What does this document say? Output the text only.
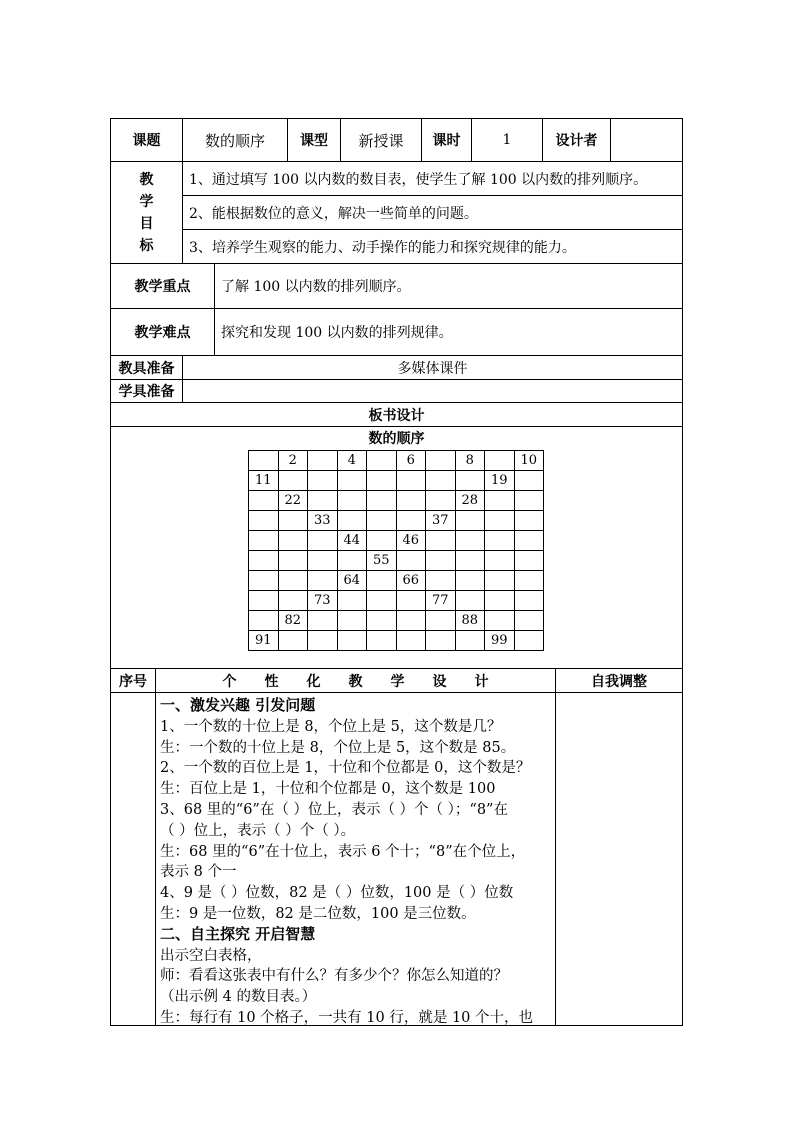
课题	数的顺序	课型	新授课	课时	1	设计者
教
学
目
标
1、通过填写 100 以内数的数目表，使学生了解 100 以内数的排列顺序。
2、能根据数位的意义，解决一些简单的问题。
3、培养学生观察的能力、动手操作的能力和探究规律的能力。
教学重点	了解 100 以内数的排列顺序。
教学难点	探究和发现 100 以内数的排列规律。
教具准备	多媒体课件
学具准备
板书设计
数的顺序
	2		4		6		8		10
11								19	
	22						28		
		33				37			
			44		46				
				55					
			64		66				
		73				77			
	82						88		
91								99	
序号	个　　性　　化　　教　　学　　设　　计	自我调整
一、激发兴趣 引发问题
1、一个数的十位上是 8，个位上是 5，这个数是几？
生：一个数的十位上是 8，个位上是 5，这个数是 85。
2、一个数的百位上是 1，十位和个位都是 0，这个数是？
生：百位上是 1，十位和个位都是 0，这个数是 100
3、68 里的“6”在（ ）位上，表示（ ）个（ ）；“8”在
（ ）位上，表示（ ）个（ ）。
生：68 里的“6”在十位上，表示 6 个十；“8”在个位上，
表示 8 个一
4、9 是（ ）位数，82 是（ ）位数，100 是（ ）位数
生：9 是一位数，82 是二位数，100 是三位数。
二、自主探究 开启智慧
出示空白表格，
师：看看这张表中有什么？有多少个？你怎么知道的？
（出示例 4 的数目表。）
生：每行有 10 个格子，一共有 10 行，就是 10 个十，也
